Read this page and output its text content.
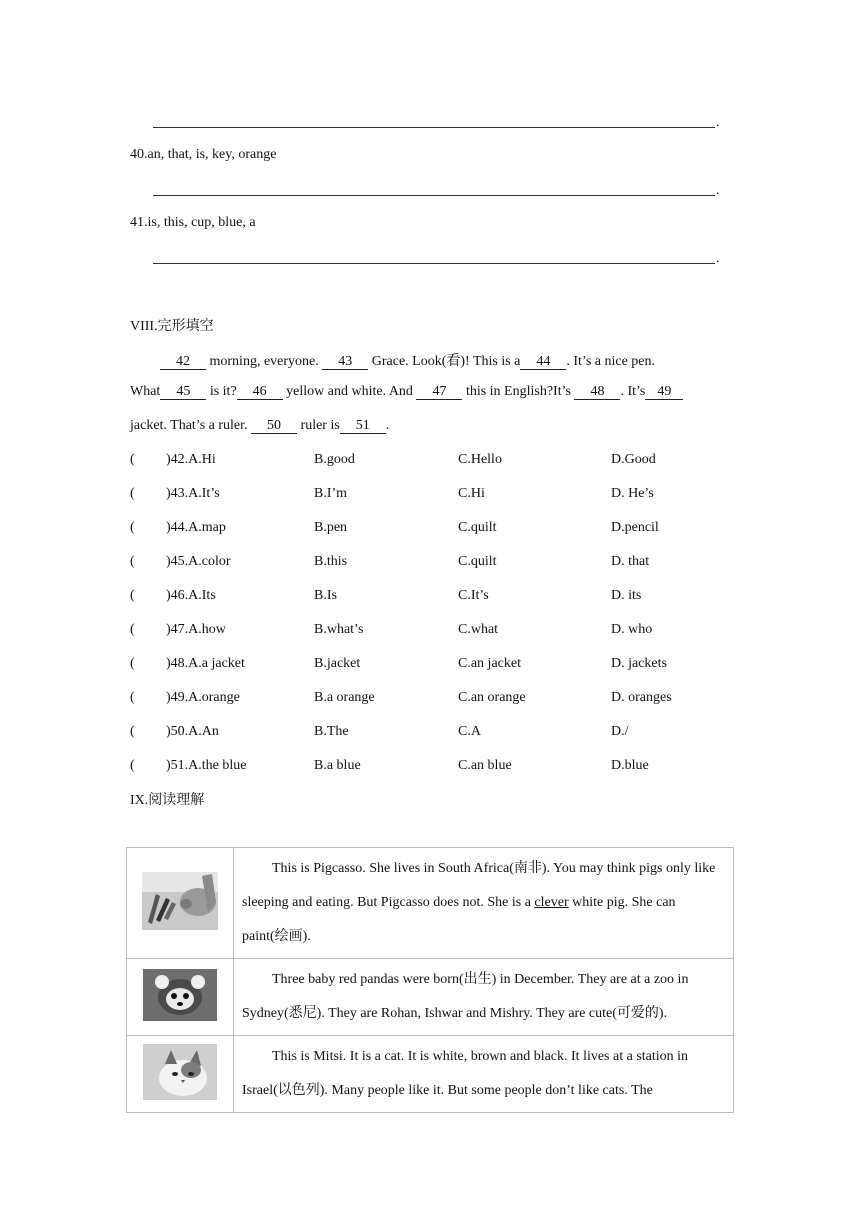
.
40.an, that, is, key, orange
.
41.is, this, cup, blue, a
.
VIII.完形填空
42 morning, everyone. 43 Grace. Look(看)! This is a 44 . It’s a nice pen.
What 45 is it? 46 yellow and white. And 47 this in English?It’s 48 . It’s 49
jacket. That’s a ruler. 50 ruler is 51 .
( )42.A.Hi	B.good	C.Hello	D.Good
( )43.A.It’s	B.I’m	C.Hi	D. He’s
( )44.A.map	B.pen	C.quilt	D.pencil
( )45.A.color	B.this	C.quilt	D. that
( )46.A.Its	B.Is	C.It’s	D. its
( )47.A.how	B.what’s	C.what	D. who
( )48.A.a jacket	B.jacket	C.an jacket	D. jackets
( )49.A.orange	B.a orange	C.an orange	D. oranges
( )50.A.An	B.The	C.A	D./
( )51.A.the blue	B.a blue	C.an blue	D.blue
IX.阅读理解
	This is Pigcasso. She lives in South Africa(南非). You may think pigs only like sleeping and eating. But Pigcasso does not. She is a clever white pig. She can paint(绘画).
	Three baby red pandas were born(出生) in December. They are at a zoo in Sydney(悉尼). They are Rohan, Ishwar and Mishry. They are cute(可爱的).
	This is Mitsi. It is a cat. It is white, brown and black. It lives at a station in Israel(以色列). Many people like it. But some people don’t like cats. The
